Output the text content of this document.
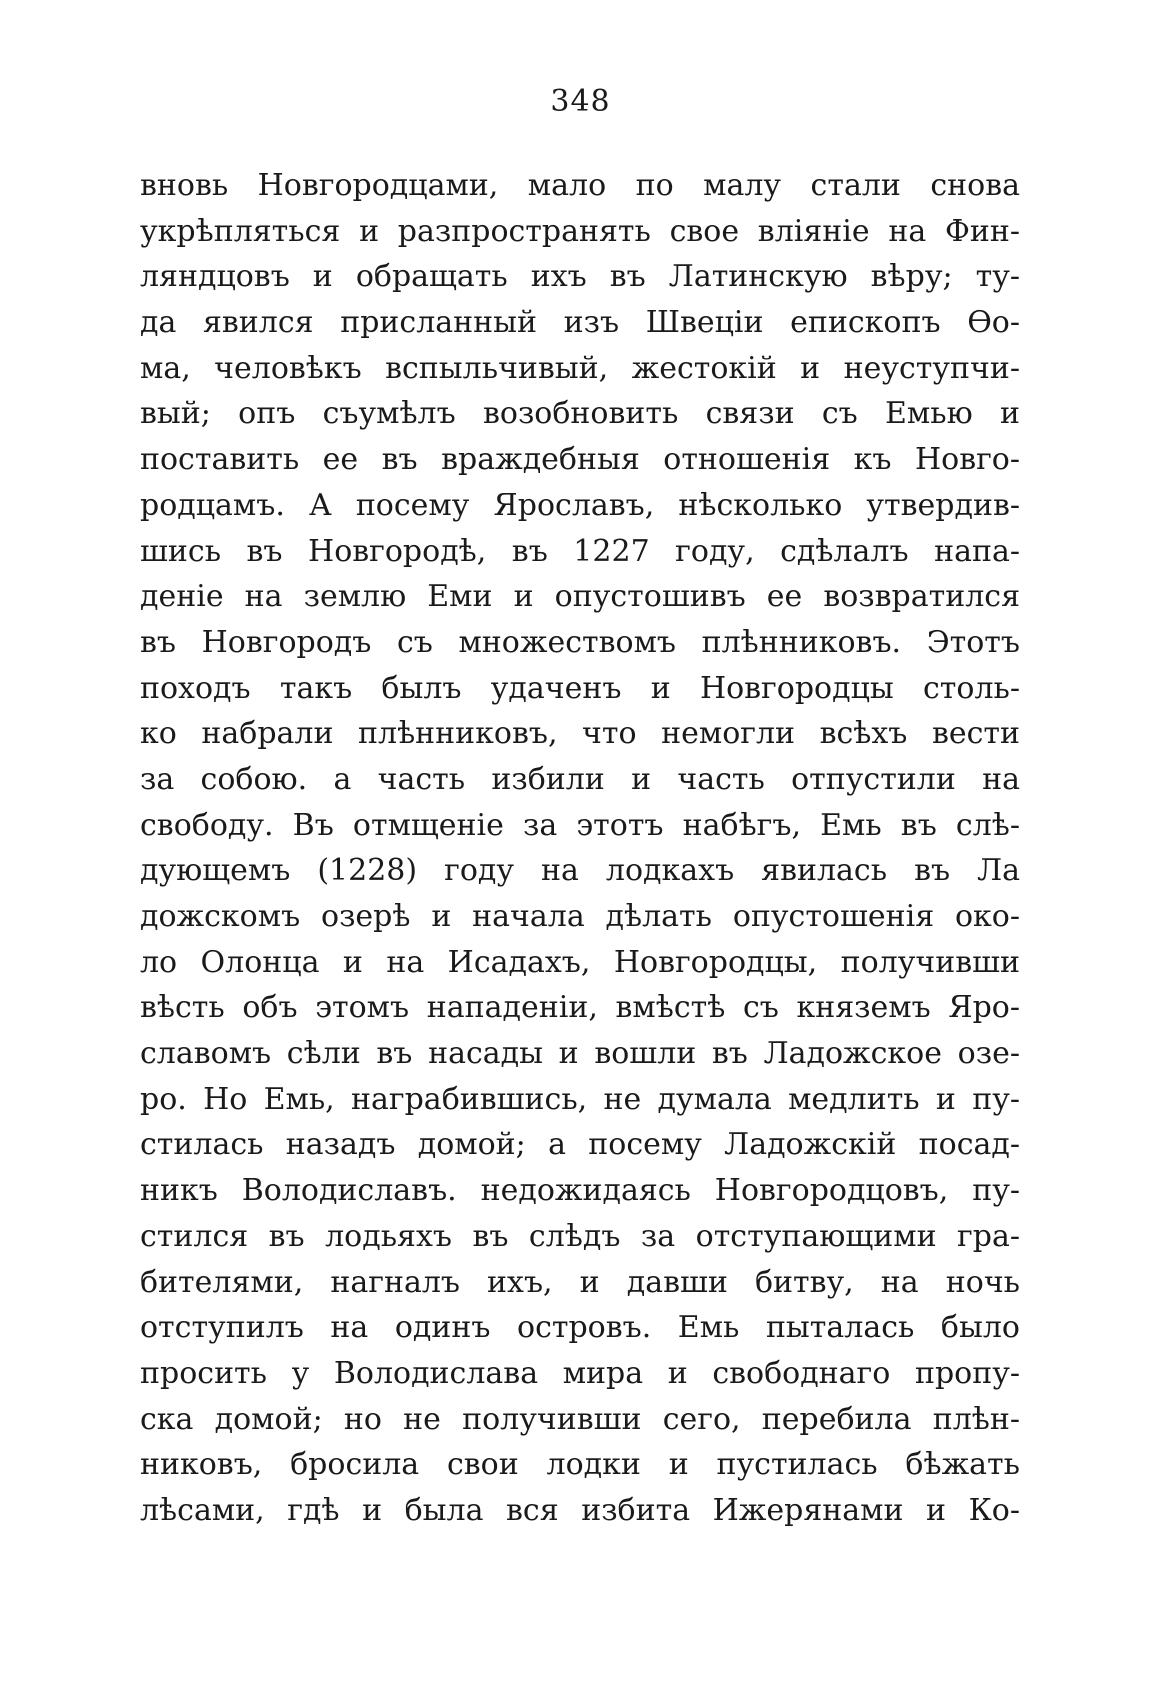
348
вновь Новгородцами, мало по малу стали снова
укрѣпляться и разпространять свое вліяніе на Фин-
ляндцовъ и обращать ихъ въ Латинскую вѣру; ту-
да явился присланный изъ Швеціи епископъ Ѳо-
ма, человѣкъ вспыльчивый, жестокій и неуступчи-
вый; опъ съумѣлъ возобновить связи съ Емью и
поставить ее въ враждебныя отношенія къ Новго-
родцамъ. А посему Ярославъ, нѣсколько утвердив-
шись въ Новгородѣ, въ 1227 году, сдѣлалъ напа-
деніе на землю Еми и опустошивъ ее возвратился
въ Новгородъ съ множествомъ плѣнниковъ. Этотъ
походъ такъ былъ удаченъ и Новгородцы столь-
ко набрали плѣнниковъ, что немогли всѣхъ вести
за собою. а часть избили и часть отпустили на
свободу. Въ отмщеніе за этотъ набѣгъ, Емь въ слѣ-
дующемъ (1228) году на лодкахъ явилась въ Ла
дожскомъ озерѣ и начала дѣлать опустошенія око-
ло Олонца и на Исадахъ, Новгородцы, получивши
вѣсть объ этомъ нападеніи, вмѣстѣ съ княземъ Яро-
славомъ сѣли въ насады и вошли въ Ладожское озе-
ро. Но Емь, награбившись, не думала медлить и пу-
стилась назадъ домой; а посему Ладожскій посад-
никъ Володиславъ. недожидаясь Новгородцовъ, пу-
стился въ лодьяхъ въ слѣдъ за отступающими гра-
бителями, нагналъ ихъ, и давши битву, на ночь
отступилъ на одинъ островъ. Емь пыталась было
просить у Володислава мира и свободнаго пропу-
ска домой; но не получивши сего, перебила плѣн-
никовъ, бросила свои лодки и пустилась бѣжать
лѣсами, гдѣ и была вся избита Ижерянами и Ко-
